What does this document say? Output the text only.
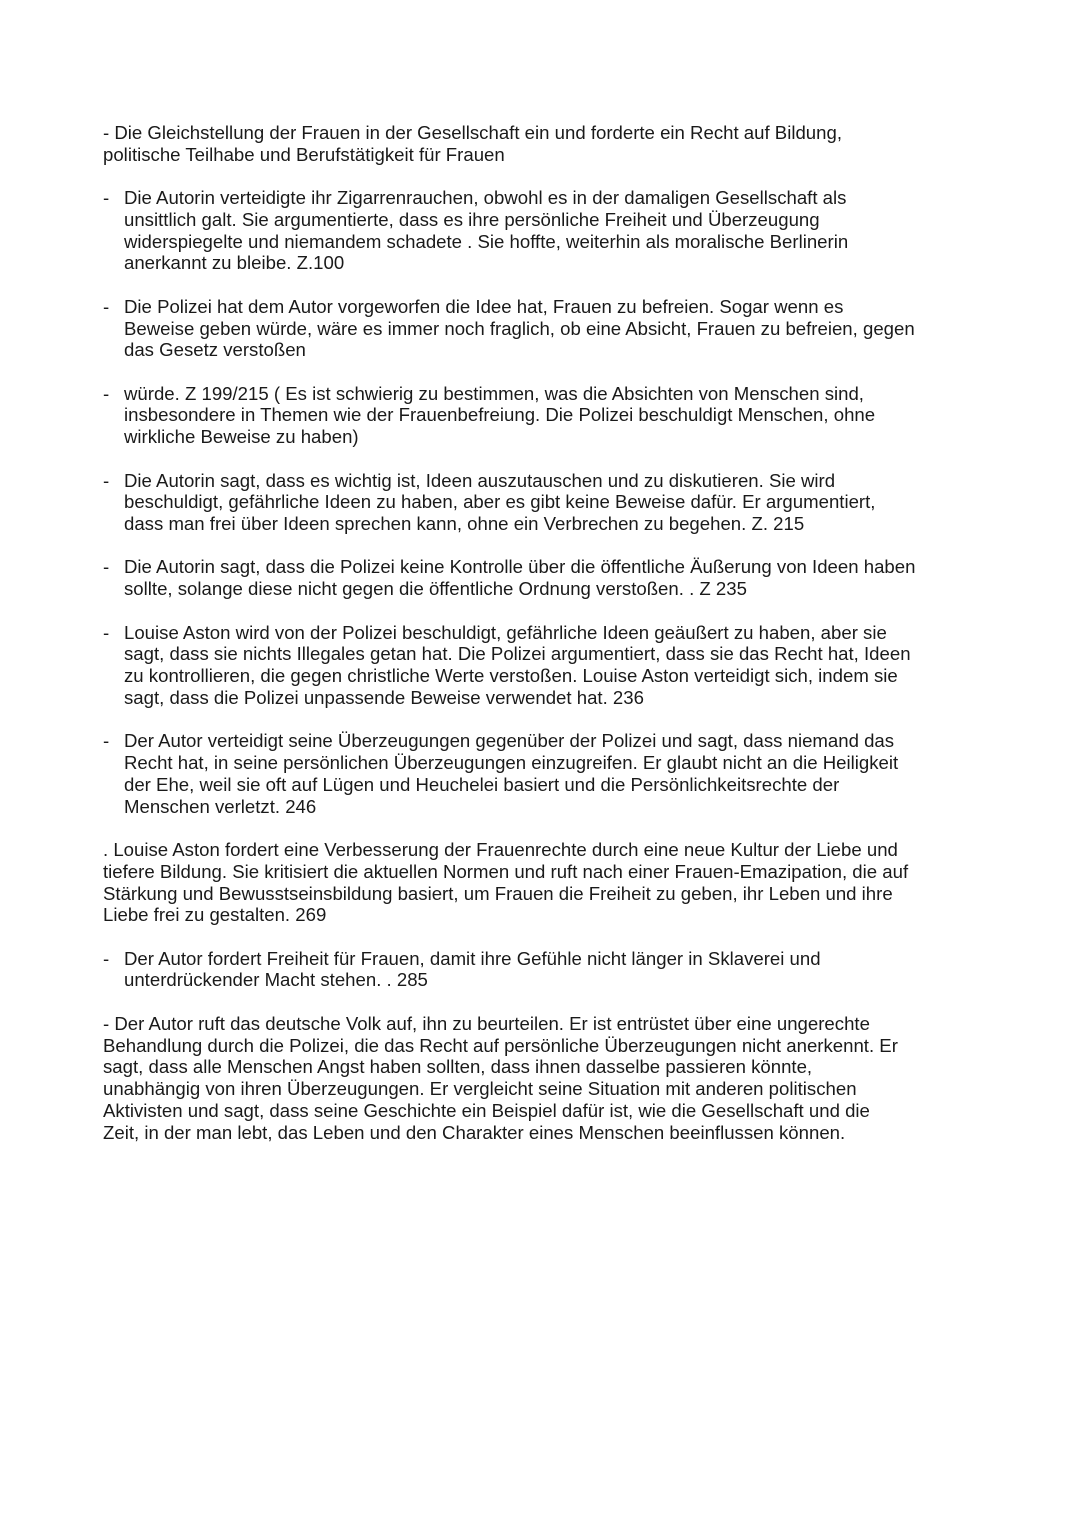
- Die Gleichstellung der Frauen in der Gesellschaft ein und forderte ein Recht auf Bildung,
politische Teilhabe und Berufstätigkeit für Frauen

- Die Autorin verteidigte ihr Zigarrenrauchen, obwohl es in der damaligen Gesellschaft als
unsittlich galt. Sie argumentierte, dass es ihre persönliche Freiheit und Überzeugung
widerspiegelte und niemandem schadete . Sie hoffte, weiterhin als moralische Berlinerin
anerkannt zu bleibe. Z.100
- Die Polizei hat dem Autor vorgeworfen die Idee hat, Frauen zu befreien. Sogar wenn es
Beweise geben würde, wäre es immer noch fraglich, ob eine Absicht, Frauen zu befreien, gegen
das Gesetz verstoßen
- würde. Z 199/215 ( Es ist schwierig zu bestimmen, was die Absichten von Menschen sind,
insbesondere in Themen wie der Frauenbefreiung. Die Polizei beschuldigt Menschen, ohne
wirkliche Beweise zu haben)
- Die Autorin sagt, dass es wichtig ist, Ideen auszutauschen und zu diskutieren. Sie wird
beschuldigt, gefährliche Ideen zu haben, aber es gibt keine Beweise dafür. Er argumentiert,
dass man frei über Ideen sprechen kann, ohne ein Verbrechen zu begehen. Z. 215
- Die Autorin sagt, dass die Polizei keine Kontrolle über die öffentliche Äußerung von Ideen haben
sollte, solange diese nicht gegen die öffentliche Ordnung verstoßen. . Z 235
- Louise Aston wird von der Polizei beschuldigt, gefährliche Ideen geäußert zu haben, aber sie
sagt, dass sie nichts Illegales getan hat. Die Polizei argumentiert, dass sie das Recht hat, Ideen
zu kontrollieren, die gegen christliche Werte verstoßen. Louise Aston verteidigt sich, indem sie
sagt, dass die Polizei unpassende Beweise verwendet hat. 236
- Der Autor verteidigt seine Überzeugungen gegenüber der Polizei und sagt, dass niemand das
Recht hat, in seine persönlichen Überzeugungen einzugreifen. Er glaubt nicht an die Heiligkeit
der Ehe, weil sie oft auf Lügen und Heuchelei basiert und die Persönlichkeitsrechte der
Menschen verletzt. 246

. Louise Aston fordert eine Verbesserung der Frauenrechte durch eine neue Kultur der Liebe und
tiefere Bildung. Sie kritisiert die aktuellen Normen und ruft nach einer Frauen-Emazipation, die auf
Stärkung und Bewusstseinsbildung basiert, um Frauen die Freiheit zu geben, ihr Leben und ihre
Liebe frei zu gestalten. 269

- Der Autor fordert Freiheit für Frauen, damit ihre Gefühle nicht länger in Sklaverei und
unterdrückender Macht stehen. . 285

- Der Autor ruft das deutsche Volk auf, ihn zu beurteilen. Er ist entrüstet über eine ungerechte
Behandlung durch die Polizei, die das Recht auf persönliche Überzeugungen nicht anerkennt. Er
sagt, dass alle Menschen Angst haben sollten, dass ihnen dasselbe passieren könnte,
unabhängig von ihren Überzeugungen. Er vergleicht seine Situation mit anderen politischen
Aktivisten und sagt, dass seine Geschichte ein Beispiel dafür ist, wie die Gesellschaft und die
Zeit, in der man lebt, das Leben und den Charakter eines Menschen beeinflussen können.
